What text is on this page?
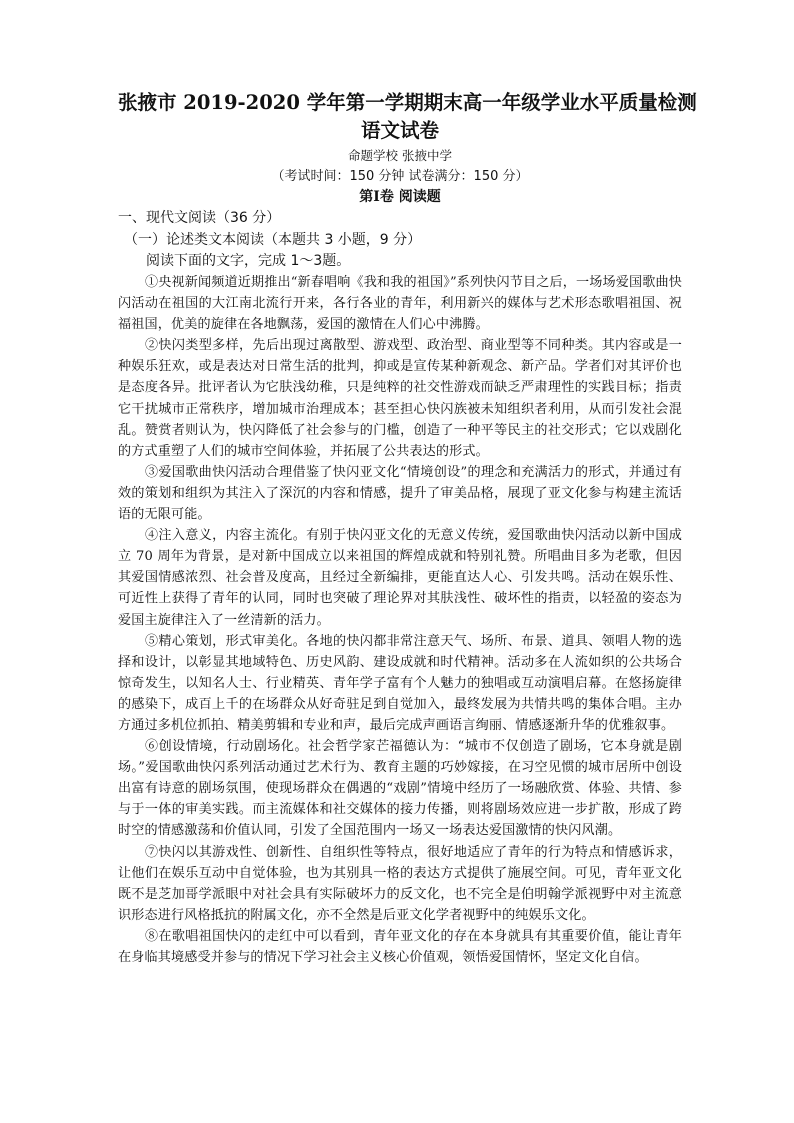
张掖市 2019-2020 学年第一学期期末高一年级学业水平质量检测
语文试卷

命题学校 张掖中学

（考试时间：150 分钟 试卷满分：150 分）

第Ⅰ卷 阅读题

一、现代文阅读（36 分）

（一）论述类文本阅读（本题共 3 小题，9 分）

阅读下面的文字，完成 1～3题。

①央视新闻频道近期推出“新春唱响《我和我的祖国》”系列快闪节目之后，一场场爱国歌曲快闪活动在祖国的大江南北流行开来，各行各业的青年，利用新兴的媒体与艺术形态歌唱祖国、祝福祖国，优美的旋律在各地飘荡，爱国的激情在人们心中沸腾。

②快闪类型多样，先后出现过离散型、游戏型、政治型、商业型等不同种类。其内容或是一种娱乐狂欢，或是表达对日常生活的批判，抑或是宣传某种新观念、新产品。学者们对其评价也是态度各异。批评者认为它肤浅幼稚，只是纯粹的社交性游戏而缺乏严肃理性的实践目标；指责它干扰城市正常秩序，增加城市治理成本；甚至担心快闪族被未知组织者利用，从而引发社会混乱。赞赏者则认为，快闪降低了社会参与的门槛，创造了一种平等民主的社交形式；它以戏剧化的方式重塑了人们的城市空间体验，并拓展了公共表达的形式。

③爱国歌曲快闪活动合理借鉴了快闪亚文化“情境创设”的理念和充满活力的形式，并通过有效的策划和组织为其注入了深沉的内容和情感，提升了审美品格，展现了亚文化参与构建主流话语的无限可能。

④注入意义，内容主流化。有别于快闪亚文化的无意义传统，爱国歌曲快闪活动以新中国成立 70 周年为背景，是对新中国成立以来祖国的辉煌成就和特别礼赞。所唱曲目多为老歌，但因其爱国情感浓烈、社会普及度高，且经过全新编排，更能直达人心、引发共鸣。活动在娱乐性、可近性上获得了青年的认同，同时也突破了理论界对其肤浅性、破坏性的指责，以轻盈的姿态为爱国主旋律注入了一丝清新的活力。

⑤精心策划，形式审美化。各地的快闪都非常注意天气、场所、布景、道具、领唱人物的选择和设计，以彰显其地域特色、历史风韵、建设成就和时代精神。活动多在人流如织的公共场合惊奇发生，以知名人士、行业精英、青年学子富有个人魅力的独唱或互动演唱启幕。在悠扬旋律的感染下，成百上千的在场群众从好奇驻足到自觉加入，最终发展为共情共鸣的集体合唱。主办方通过多机位抓拍、精美剪辑和专业和声，最后完成声画语言绚丽、情感逐渐升华的优雅叙事。

⑥创设情境，行动剧场化。社会哲学家芒福德认为：“城市不仅创造了剧场，它本身就是剧场。”爱国歌曲快闪系列活动通过艺术行为、教育主题的巧妙嫁接，在习空见惯的城市居所中创设出富有诗意的剧场氛围，使现场群众在偶遇的“戏剧”情境中经历了一场融欣赏、体验、共情、参与于一体的审美实践。而主流媒体和社交媒体的接力传播，则将剧场效应进一步扩散，形成了跨时空的情感激荡和价值认同，引发了全国范围内一场又一场表达爱国激情的快闪风潮。

⑦快闪以其游戏性、创新性、自组织性等特点，很好地适应了青年的行为特点和情感诉求，让他们在娱乐互动中自觉体验，也为其别具一格的表达方式提供了施展空间。可见，青年亚文化既不是芝加哥学派眼中对社会具有实际破坏力的反文化，也不完全是伯明翰学派视野中对主流意识形态进行风格抵抗的附属文化，亦不全然是后亚文化学者视野中的纯娱乐文化。

⑧在歌唱祖国快闪的走红中可以看到，青年亚文化的存在本身就具有其重要价值，能让青年在身临其境感受并参与的情况下学习社会主义核心价值观，领悟爱国情怀，坚定文化自信。
